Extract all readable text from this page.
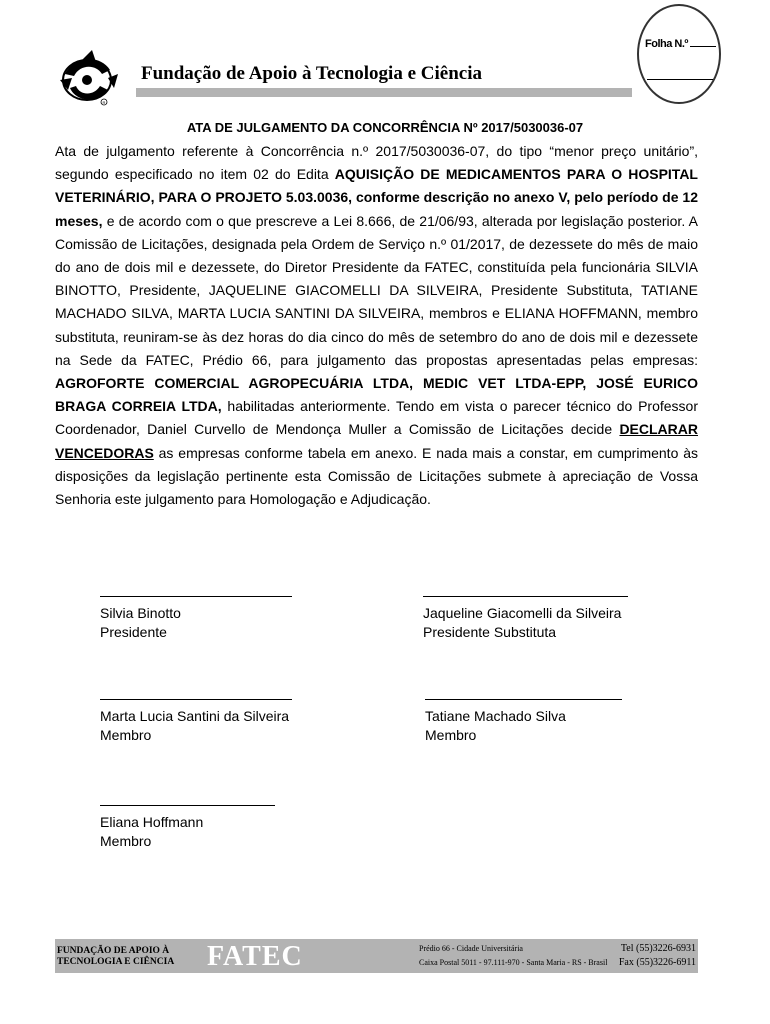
R
Fundação de Apoio à Tecnologia e Ciência
Folha N.º
ATA DE JULGAMENTO DA CONCORRÊNCIA Nº 2017/5030036-07
Ata de julgamento referente à Concorrência n.º 2017/5030036-07, do tipo “menor preço unitário”, segundo especificado no item 02 do Edita AQUISIÇÃO DE MEDICAMENTOS PARA O HOSPITAL VETERINÁRIO, PARA O PROJETO 5.03.0036, conforme descrição no anexo V, pelo período de 12 meses, e de acordo com o que prescreve a Lei 8.666, de 21/06/93, alterada por legislação posterior. A Comissão de Licitações, designada pela Ordem de Serviço n.º 01/2017, de dezessete do mês de maio do ano de dois mil e dezessete, do Diretor Presidente da FATEC, constituída pela funcionária SILVIA BINOTTO, Presidente, JAQUELINE GIACOMELLI DA SILVEIRA, Presidente Substituta, TATIANE MACHADO SILVA, MARTA LUCIA SANTINI DA SILVEIRA, membros e ELIANA HOFFMANN, membro substituta, reuniram-se às dez horas do dia cinco do mês de setembro do ano de dois mil e dezessete na Sede da FATEC, Prédio 66, para julgamento das propostas apresentadas pelas empresas: AGROFORTE COMERCIAL AGROPECUÁRIA LTDA, MEDIC VET LTDA-EPP, JOSÉ EURICO BRAGA CORREIA LTDA, habilitadas anteriormente. Tendo em vista o parecer técnico do Professor Coordenador, Daniel Curvello de Mendonça Muller a Comissão de Licitações decide DECLARAR VENCEDORAS as empresas conforme tabela em anexo. E nada mais a constar, em cumprimento às disposições da legislação pertinente esta Comissão de Licitações submete à apreciação de Vossa Senhoria este julgamento para Homologação e Adjudicação.
Silvia Binotto
Presidente
Jaqueline Giacomelli da Silveira
Presidente Substituta
Marta Lucia Santini da Silveira
Membro
Tatiane Machado Silva
Membro
Eliana Hoffmann
Membro
FUNDAÇÃO DE APOIO À
TECNOLOGIA E CIÊNCIA FATEC	Prédio 66 - Cidade Universitária
Caixa Postal 5011 - 97.111-970 - Santa Maria - RS - Brasil
Tel (55)3226-6931
Fax (55)3226-6911
